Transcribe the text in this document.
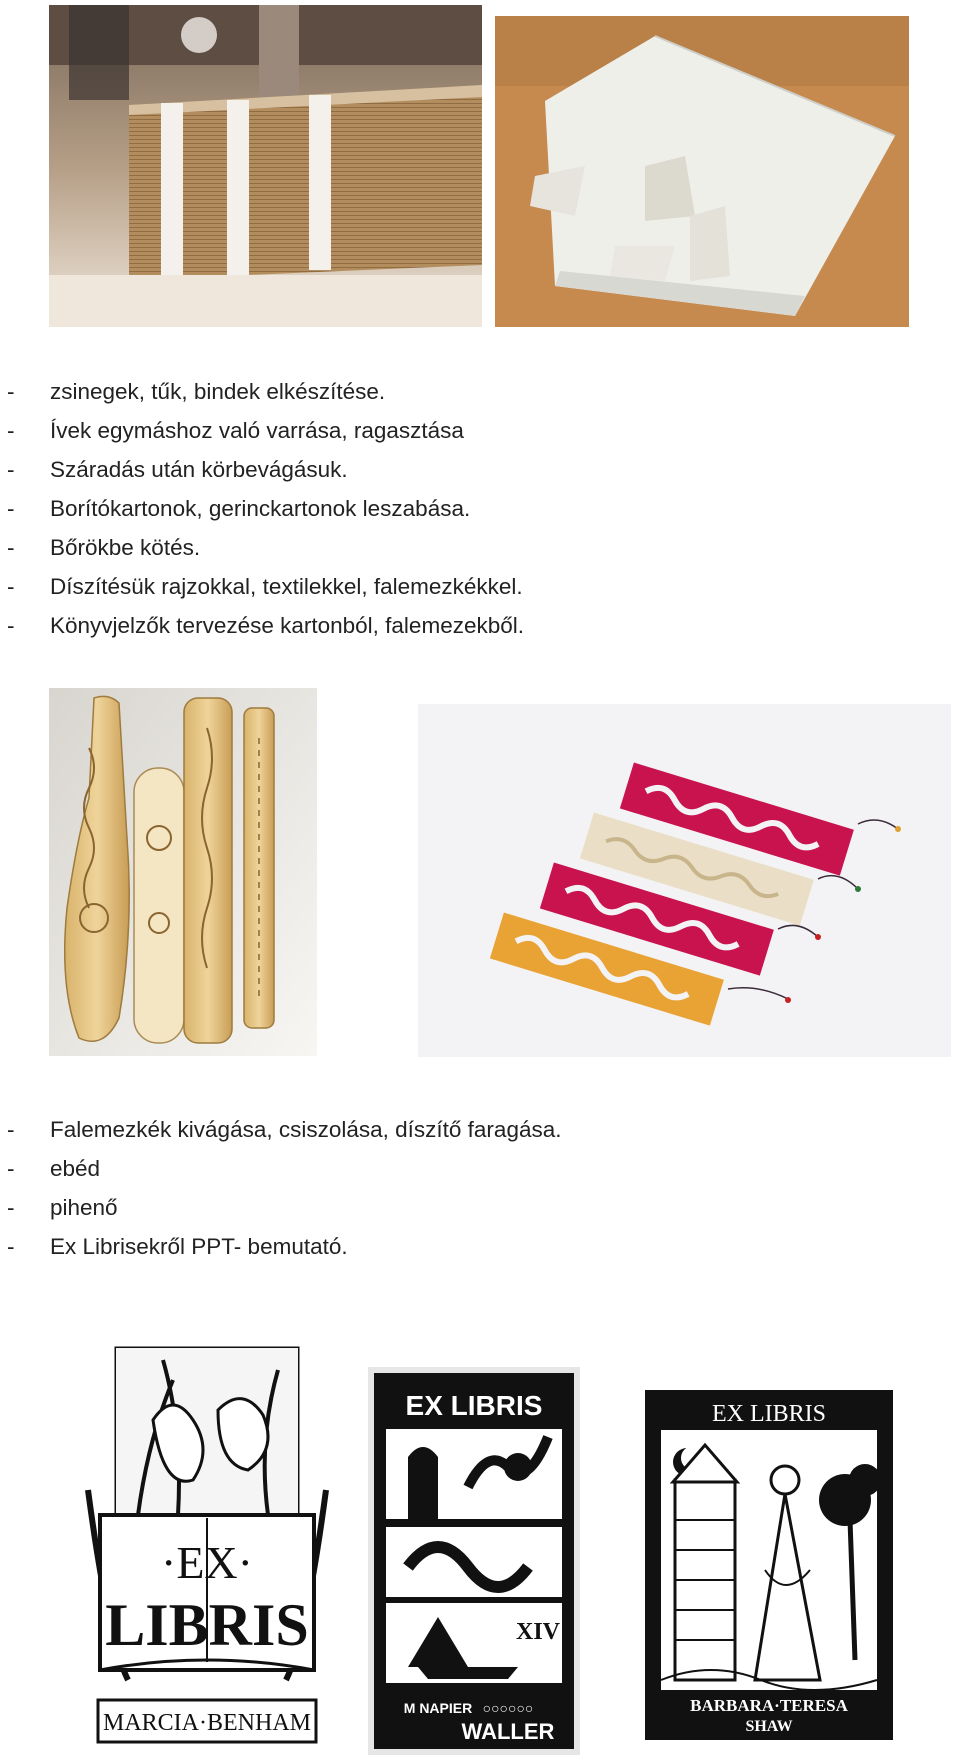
- zsinegek, tűk, bindek elkészítése.
- Ívek egymáshoz való varrása, ragasztása
- Száradás után körbevágásuk.
- Borítókartonok, gerinckartonok leszabása.
- Bőrökbe kötés.
- Díszítésük rajzokkal, textilekkel, falemezkékkel.
- Könyvjelzők tervezése kartonból, falemezekből.
- Falemezkék kivágása, csiszolása, díszítő faragása.
- ebéd
- pihenő
- Ex Librisekről PPT- bemutató.
·EX·
LIBRIS
MARCIA·BENHAM
EX LIBRIS
XIV
M NAPIER ○○○○○○
WALLER
EX LIBRIS
BARBARA·TERESA
SHAW
